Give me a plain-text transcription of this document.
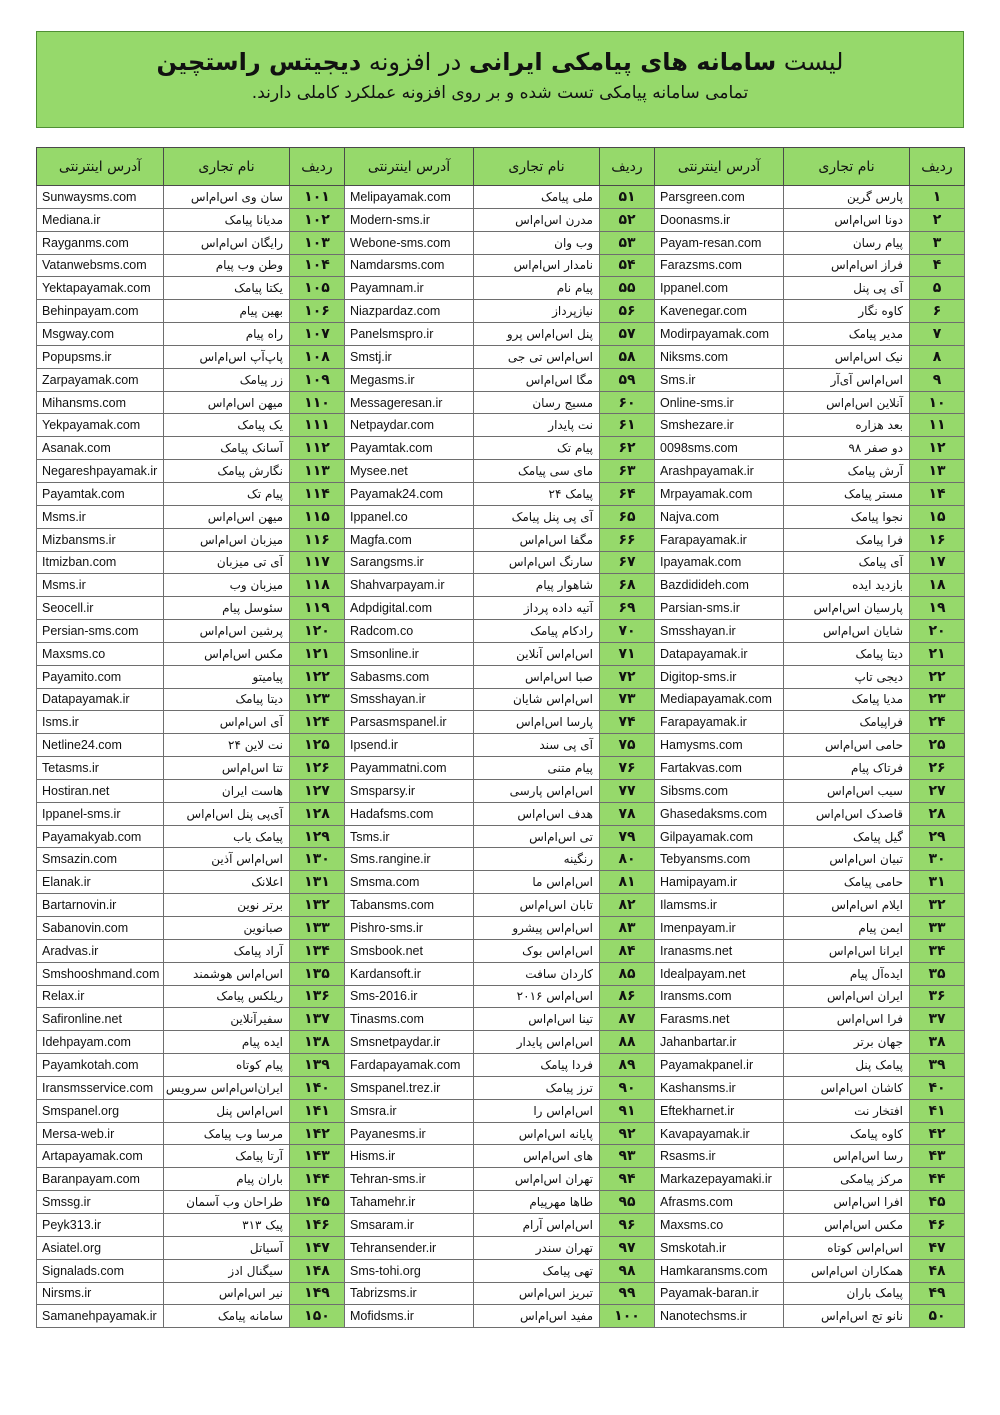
لیست سامانه های پیامکی ایرانی در افزونه دیجیتس راستچین
تمامی سامانه پیامکی تست شده و بر روی افزونه عملکرد کاملی دارند.
ردیف	نام تجاری	آدرس اینترنتی	ردیف	نام تجاری	آدرس اینترنتی	ردیف	نام تجاری	آدرس اینترنتی
۱	پارس گرین	Parsgreen.com	۵۱	ملی پیامک	Melipayamak.com	۱۰۱	سان وی اس‌ام‌اس	Sunwaysms.com
۲	دونا اس‌ام‌اس	Doonasms.ir	۵۲	مدرن اس‌ام‌اس	Modern-sms.ir	۱۰۲	مدیانا پیامک	Mediana.ir
۳	پیام رسان	Payam-resan.com	۵۳	وب وان	Webone-sms.com	۱۰۳	رایگان اس‌ام‌اس	Rayganms.com
۴	فراز اس‌ام‌اس	Farazsms.com	۵۴	نامدار اس‌ام‌اس	Namdarsms.com	۱۰۴	وطن وب پیام	Vatanwebsms.com
۵	آی پی پنل	Ippanel.com	۵۵	پیام نام	Payamnam.ir	۱۰۵	یکتا پیامک	Yektapayamak.com
۶	کاوه نگار	Kavenegar.com	۵۶	نیازپرداز	Niazpardaz.com	۱۰۶	بهین پیام	Behinpayam.com
۷	مدیر پیامک	Modirpayamak.com	۵۷	پنل اس‌ام‌اس پرو	Panelsmspro.ir	۱۰۷	راه پیام	Msgway.com
۸	نیک اس‌ام‌اس	Niksms.com	۵۸	اس‌ام‌اس تی جی	Smstj.ir	۱۰۸	پاپ‌آپ اس‌ام‌اس	Popupsms.ir
۹	اس‌ام‌اس آی‌آر	Sms.ir	۵۹	مگا اس‌ام‌اس	Megasms.ir	۱۰۹	زر پیامک	Zarpayamak.com
۱۰	آنلاین اس‌ام‌اس	Online-sms.ir	۶۰	مسیج رسان	Messageresan.ir	۱۱۰	میهن اس‌ام‌اس	Mihansms.com
۱۱	بعد هزاره	Smshezare.ir	۶۱	نت پایدار	Netpaydar.com	۱۱۱	یک پیامک	Yekpayamak.com
۱۲	دو صفر ۹۸	0098sms.com	۶۲	پیام تک	Payamtak.com	۱۱۲	آسانک پیامک	Asanak.com
۱۳	آرش پیامک	Arashpayamak.ir	۶۳	مای سی پیامک	Mysee.net	۱۱۳	نگارش پیامک	Negareshpayamak.ir
۱۴	مستر پیامک	Mrpayamak.com	۶۴	پیامک ۲۴	Payamak24.com	۱۱۴	پیام تک	Payamtak.com
۱۵	نجوا پیامک	Najva.com	۶۵	آی پی پنل پیامک	Ippanel.co	۱۱۵	میهن اس‌ام‌اس	Msms.ir
۱۶	فرا پیامک	Farapayamak.ir	۶۶	مگفا اس‌ام‌اس	Magfa.com	۱۱۶	میزبان اس‌ام‌اس	Mizbansms.ir
۱۷	آی پیامک	Ipayamak.com	۶۷	سارنگ اس‌ام‌اس	Sarangsms.ir	۱۱۷	آی تی میزبان	Itmizban.com
۱۸	بازدید ایده	Bazdidideh.com	۶۸	شاهوار پیام	Shahvarpayam.ir	۱۱۸	میزبان وب	Msms.ir
۱۹	پارسیان اس‌ام‌اس	Parsian-sms.ir	۶۹	آتیه داده پرداز	Adpdigital.com	۱۱۹	سئوسل پیام	Seocell.ir
۲۰	شایان اس‌ام‌اس	Smsshayan.ir	۷۰	رادکام پیامک	Radcom.co	۱۲۰	پرشین اس‌ام‌اس	Persian-sms.com
۲۱	دیتا پیامک	Datapayamak.ir	۷۱	اس‌ام‌اس آنلاین	Smsonline.ir	۱۲۱	مکس اس‌ام‌اس	Maxsms.co
۲۲	دیجی تاپ	Digitop-sms.ir	۷۲	صبا اس‌ام‌اس	Sabasms.com	۱۲۲	پیامیتو	Payamito.com
۲۳	مدیا پیامک	Mediapayamak.com	۷۳	اس‌ام‌اس شایان	Smsshayan.ir	۱۲۳	دیتا پیامک	Datapayamak.ir
۲۴	فراپیامک	Farapayamak.ir	۷۴	پارسا اس‌ام‌اس	Parsasmspanel.ir	۱۲۴	آی اس‌ام‌اس	Isms.ir
۲۵	حامی اس‌ام‌اس	Hamysms.com	۷۵	آی پی سند	Ipsend.ir	۱۲۵	نت لاین ۲۴	Netline24.com
۲۶	فرتاک پیام	Fartakvas.com	۷۶	پیام متنی	Payammatni.com	۱۲۶	تتا اس‌ام‌اس	Tetasms.ir
۲۷	سیب اس‌ام‌اس	Sibsms.com	۷۷	اس‌ام‌اس پارسی	Smsparsy.ir	۱۲۷	هاست ایران	Hostiran.net
۲۸	قاصدک اس‌ام‌اس	Ghasedaksms.com	۷۸	هدف اس‌ام‌اس	Hadafsms.com	۱۲۸	آی‌پی پنل اس‌ام‌اس	Ippanel-sms.ir
۲۹	گیل پیامک	Gilpayamak.com	۷۹	تی اس‌ام‌اس	Tsms.ir	۱۲۹	پیامک یاب	Payamakyab.com
۳۰	تبیان اس‌ام‌اس	Tebyansms.com	۸۰	رنگینه	Sms.rangine.ir	۱۳۰	اس‌ام‌اس آذین	Smsazin.com
۳۱	حامی پیامک	Hamipayam.ir	۸۱	اس‌ام‌اس ما	Smsma.com	۱۳۱	اعلانک	Elanak.ir
۳۲	ایلام اس‌ام‌اس	Ilamsms.ir	۸۲	تابان اس‌ام‌اس	Tabansms.com	۱۳۲	برتر نوین	Bartarnovin.ir
۳۳	ایمن پیام	Imenpayam.ir	۸۳	اس‌ام‌اس پیشرو	Pishro-sms.ir	۱۳۳	صبانوین	Sabanovin.com
۳۴	ایرانا اس‌ام‌اس	Iranasms.net	۸۴	اس‌ام‌اس بوک	Smsbook.net	۱۳۴	آراد پیامک	Aradvas.ir
۳۵	ایده‌آل پیام	Idealpayam.net	۸۵	کاردان سافت	Kardansoft.ir	۱۳۵	اس‌ام‌اس هوشمند	Smshooshmand.com
۳۶	ایران اس‌ام‌اس	Iransms.com	۸۶	اس‌ام‌اس ۲۰۱۶	Sms-2016.ir	۱۳۶	ریلکس پیامک	Relax.ir
۳۷	فرا اس‌ام‌اس	Farasms.net	۸۷	تینا اس‌ام‌اس	Tinasms.com	۱۳۷	سفیرآنلاین	Safironline.net
۳۸	جهان برتر	Jahanbartar.ir	۸۸	اس‌ام‌اس پایدار	Smsnetpaydar.ir	۱۳۸	ایده پیام	Idehpayam.com
۳۹	پیامک پنل	Payamakpanel.ir	۸۹	فردا پیامک	Fardapayamak.com	۱۳۹	پیام کوتاه	Payamkotah.com
۴۰	کاشان اس‌ام‌اس	Kashansms.ir	۹۰	ترز پیامک	Smspanel.trez.ir	۱۴۰	ایران‌اس‌ام‌اس سرویس	Iransmsservice.com
۴۱	افتخار نت	Eftekharnet.ir	۹۱	اس‌ام‌اس را	Smsra.ir	۱۴۱	اس‌ام‌اس پنل	Smspanel.org
۴۲	کاوه پیامک	Kavapayamak.ir	۹۲	پایانه اس‌ام‌اس	Payanesms.ir	۱۴۲	مرسا وب پیامک	Mersa-web.ir
۴۳	رسا اس‌ام‌اس	Rsasms.ir	۹۳	های اس‌ام‌اس	Hisms.ir	۱۴۳	آرتا پیامک	Artapayamak.com
۴۴	مرکز پیامکی	Markazepayamaki.ir	۹۴	تهران اس‌ام‌اس	Tehran-sms.ir	۱۴۴	باران پیام	Baranpayam.com
۴۵	افرا اس‌ام‌اس	Afrasms.com	۹۵	طاها مهرپیام	Tahamehr.ir	۱۴۵	طراحان وب آسمان	Smssg.ir
۴۶	مکس اس‌ام‌اس	Maxsms.co	۹۶	اس‌ام‌اس آرام	Smsaram.ir	۱۴۶	پیک ۳۱۳	Peyk313.ir
۴۷	اس‌ام‌اس کوتاه	Smskotah.ir	۹۷	تهران سندر	Tehransender.ir	۱۴۷	آسیاتل	Asiatel.org
۴۸	همکاران اس‌ام‌اس	Hamkaransms.com	۹۸	تهی پیامک	Sms-tohi.org	۱۴۸	سیگنال ادز	Signalads.com
۴۹	پیامک باران	Payamak-baran.ir	۹۹	تبریز اس‌ام‌اس	Tabrizsms.ir	۱۴۹	نیر اس‌ام‌اس	Nirsms.ir
۵۰	نانو تج اس‌ام‌اس	Nanotechsms.ir	۱۰۰	مفید اس‌ام‌اس	Mofidsms.ir	۱۵۰	سامانه پیامک	Samanehpayamak.ir
